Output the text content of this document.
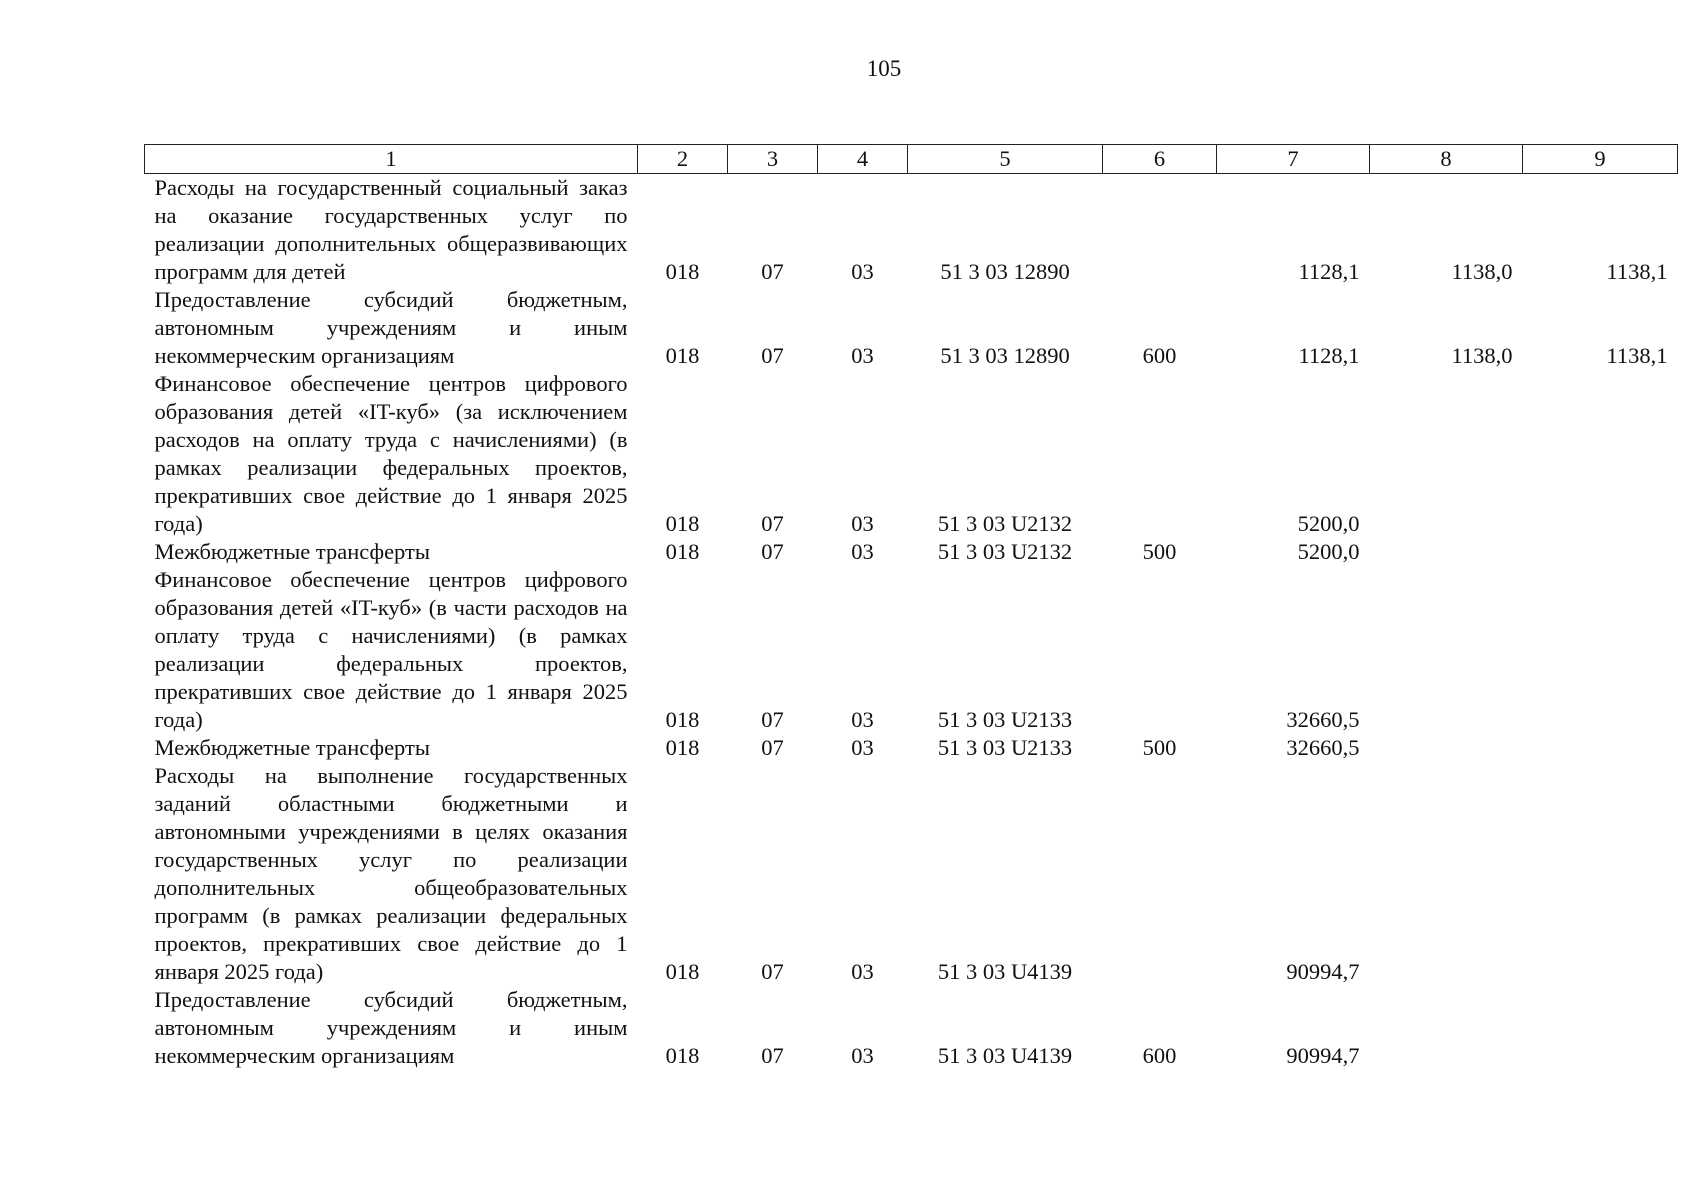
105
1	2	3	4	5	6	7	8	9
Расходы на государственный социальный заказ на оказание государственных услуг по реализации дополнительных общеразвивающих программ для детей	018	07	03	51 3 03 12890		1128,1	1138,0	1138,1
Предоставление субсидий бюджетным, автономным учреждениям и иным некоммерческим организациям	018	07	03	51 3 03 12890	600	1128,1	1138,0	1138,1
Финансовое обеспечение центров цифрового образования детей «IT-куб» (за исключением расходов на оплату труда с начислениями) (в рамках реализации федеральных проектов, прекративших свое действие до 1 января 2025 года)	018	07	03	51 3 03 U2132		5200,0		
Межбюджетные трансферты	018	07	03	51 3 03 U2132	500	5200,0		
Финансовое обеспечение центров цифрового образования детей «IT-куб» (в части расходов на оплату труда с начислениями) (в рамках реализации федеральных проектов, прекративших свое действие до 1 января 2025 года)	018	07	03	51 3 03 U2133		32660,5		
Межбюджетные трансферты	018	07	03	51 3 03 U2133	500	32660,5		
Расходы на выполнение государственных заданий областными бюджетными и автономными учреждениями в целях оказания государственных услуг по реализации дополнительных общеобразовательных программ (в рамках реализации федеральных проектов, прекративших свое действие до 1 января 2025 года)	018	07	03	51 3 03 U4139		90994,7		
Предоставление субсидий бюджетным, автономным учреждениям и иным некоммерческим организациям	018	07	03	51 3 03 U4139	600	90994,7		
